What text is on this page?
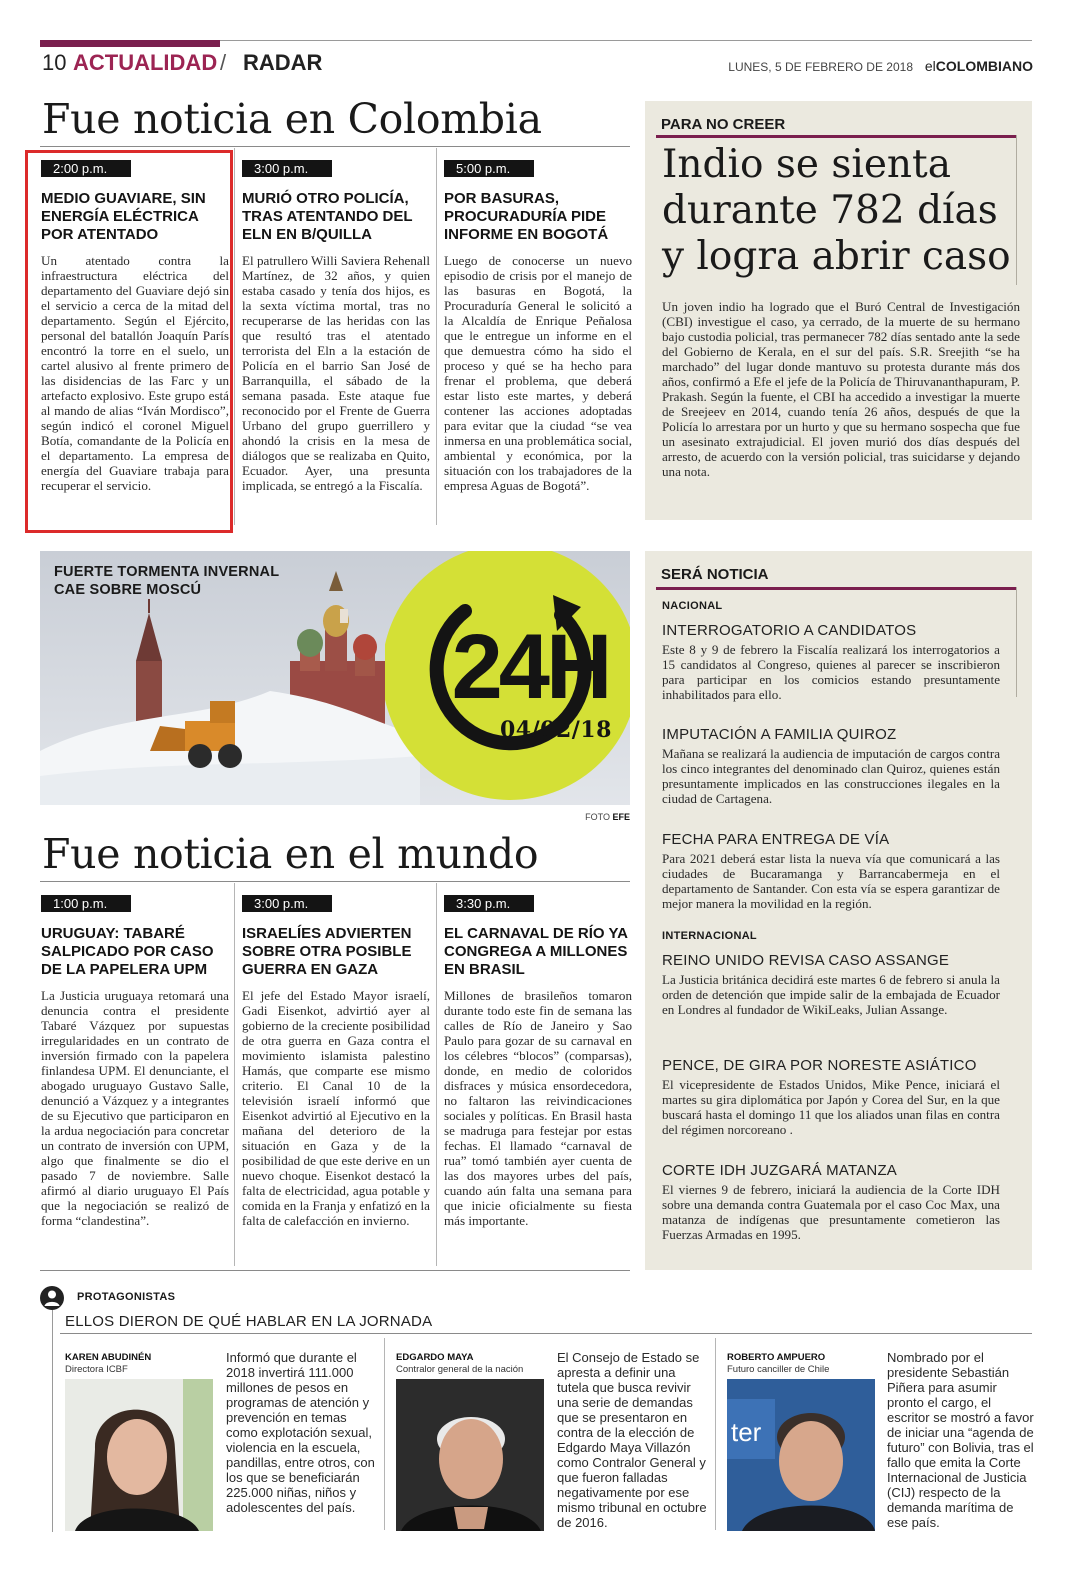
10 ACTUALIDAD / RADAR	LUNES, 5 DE FEBRERO DE 2018 elCOLOMBIANO
Fue noticia en Colombia
2:00 p.m.
MEDIO GUAVIARE, SIN ENERGÍA ELÉCTRICA POR ATENTADO

Un atentado contra la infraestructura eléctrica del departamento del Guaviare dejó sin el servicio a cerca de la mitad del departamento. Según el Ejército, personal del batallón Joaquín París encontró la torre en el suelo, un cartel alusivo al frente primero de las disidencias de las Farc y un artefacto explosivo. Este grupo está al mando de alias “Iván Mordisco”, según indicó el coronel Miguel Botía, comandante de la Policía en el departamento. La empresa de energía del Guaviare trabaja para recuperar el servicio.

3:00 p.m.
MURIÓ OTRO POLICÍA, TRAS ATENTANDO DEL ELN EN B/QUILLA

El patrullero Willi Saviera Rehenall Martínez, de 32 años, y quien estaba casado y tenía dos hijos, es la sexta víctima mortal, tras no recuperarse de las heridas con las que resultó tras el atentado terrorista del Eln a la estación de Policía en el barrio San José de Barranquilla, el sábado de la semana pasada. Este ataque fue reconocido por el Frente de Guerra Urbano del grupo guerrillero y ahondó la crisis en la mesa de diálogos que se realizaba en Quito, Ecuador. Ayer, una presunta implicada, se entregó a la Fiscalía.

5:00 p.m.
POR BASURAS, PROCURADURÍA PIDE INFORME EN BOGOTÁ

Luego de conocerse un nuevo episodio de crisis por el manejo de las basuras en Bogotá, la Procuraduría General le solicitó a la Alcaldía de Enrique Peñalosa que le entregue un informe en el que demuestra cómo ha sido el proceso y qué se ha hecho para frenar el problema, que deberá estar listo este martes, y deberá contener las acciones adoptadas para evitar que la ciudad “se vea inmersa en una problemática social, ambiental y económica, por la situación con los trabajadores de la empresa Aguas de Bogotá”.

PARA NO CREER
Indio se sienta durante 782 días y logra abrir caso
Un joven indio ha logrado que el Buró Central de Investigación (CBI) investigue el caso, ya cerrado, de la muerte de su hermano bajo custodia policial, tras permanecer 782 días sentado ante la sede del Gobierno de Kerala, en el sur del país. S.R. Sreejith “se ha marchado” del lugar donde mantuvo su protesta durante más dos años, confirmó a Efe el jefe de la Policía de Thiruvananthapuram, P. Prakash. Según la fuente, el CBI ha accedido a investigar la muerte de Sreejeev en 2014, cuando tenía 26 años, después de que la Policía lo arrestara por un hurto y que su hermano sospecha que fue un asesinato extrajudicial. El joven murió dos días después del arresto, de acuerdo con la versión policial, tras suicidarse y dejando una nota.
24H
04/02/18
FUERTE TORMENTA INVERNAL
CAE SOBRE MOSCÚ
FOTO EFE
SERÁ NOTICIA
NACIONAL
INTERROGATORIO A CANDIDATOS

Este 8 y 9 de febrero la Fiscalía realizará los interrogatorios a 15 candidatos al Congreso, quienes al parecer se inscribieron para participar en los comicios estando presuntamente inhabilitados para ello.

IMPUTACIÓN A FAMILIA QUIROZ

Mañana se realizará la audiencia de imputación de cargos contra los cinco integrantes del denominado clan Quiroz, quienes están presuntamente implicados en las construcciones ilegales en la ciudad de Cartagena.

FECHA PARA ENTREGA DE VÍA

Para 2021 deberá estar lista la nueva vía que comunicará a las ciudades de Bucaramanga y Barrancabermeja en el departamento de Santander. Con esta vía se espera garantizar de mejor manera la movilidad en la región.

INTERNACIONAL
REINO UNIDO REVISA CASO ASSANGE

La Justicia británica decidirá este martes 6 de febrero si anula la orden de detención que impide salir de la embajada de Ecuador en Londres al fundador de WikiLeaks, Julian Assange.

PENCE, DE GIRA POR NORESTE ASIÁTICO

El vicepresidente de Estados Unidos, Mike Pence, iniciará el martes su gira diplomática por Japón y Corea del Sur, en la que buscará hasta el domingo 11 que los aliados unan filas en contra del régimen norcoreano .

CORTE IDH JUZGARÁ MATANZA

El viernes 9 de febrero, iniciará la audiencia de la Corte IDH sobre una demanda contra Guatemala por el caso Coc Max, una matanza de indígenas que presuntamente cometieron las Fuerzas Armadas en 1995.

Fue noticia en el mundo
1:00 p.m.
URUGUAY: TABARÉ SALPICADO POR CASO DE LA PAPELERA UPM

La Justicia uruguaya retomará una denuncia contra el presidente Tabaré Vázquez por supuestas irregularidades en un contrato de inversión firmado con la papelera finlandesa UPM. El denunciante, el abogado uruguayo Gustavo Salle, denunció a Vázquez y a integrantes de su Ejecutivo que participaron en la ardua negociación para concretar un contrato de inversión con UPM, algo que finalmente se dio el pasado 7 de noviembre. Salle afirmó al diario uruguayo El País que la negociación se realizó de forma “clandestina”.

3:00 p.m.
ISRAELÍES ADVIERTEN SOBRE OTRA POSIBLE GUERRA EN GAZA

El jefe del Estado Mayor israelí, Gadi Eisenkot, advirtió ayer al gobierno de la creciente posibilidad de otra guerra en Gaza contra el movimiento islamista palestino Hamás, que comparte ese mismo criterio. El Canal 10 de la televisión israelí informó que Eisenkot advirtió al Ejecutivo en la mañana del deterioro de la situación en Gaza y de la posibilidad de que este derive en un nuevo choque. Eisenkot destacó la falta de electricidad, agua potable y comida en la Franja y enfatizó en la falta de calefacción en invierno.

3:30 p.m.
EL CARNAVAL DE RÍO YA CONGREGA A MILLONES EN BRASIL

Millones de brasileños tomaron durante todo este fin de semana las calles de Río de Janeiro y Sao Paulo para gozar de su carnaval en los célebres “blocos” (comparsas), donde, en medio de coloridos disfraces y música ensordecedora, no faltaron las reivindicaciones sociales y políticas. En Brasil hasta se madruga para festejar por estas fechas. El llamado “carnaval de rua” tomó también ayer cuenta de las dos mayores urbes del país, cuando aún falta una semana para que inicie oficialmente su fiesta más importante.

PROTAGONISTAS
ELLOS DIERON DE QUÉ HABLAR EN LA JORNADA
KAREN ABUDINÉN
Directora ICBF
Informó que durante el 2018 invertirá 111.000 millones de pesos en programas de atención y prevención en temas como explotación sexual, violencia en la escuela, pandillas, entre otros, con los que se beneficiarán 225.000 niñas, niños y adolescentes del país.
EDGARDO MAYA
Contralor general de la nación
El Consejo de Estado se apresta a definir una tutela que busca revivir una serie de demandas que se presentaron en contra de la elección de Edgardo Maya Villazón como Contralor General y que fueron falladas negativamente por ese mismo tribunal en octubre de 2016.
ROBERTO AMPUERO
Futuro canciller de Chile
ter
Nombrado por el presidente Sebastián Piñera para asumir pronto el cargo, el escritor se mostró a favor de iniciar una “agenda de futuro” con Bolivia, tras el fallo que emita la Corte Internacional de Justicia (CIJ) respecto de la demanda marítima de ese país.
